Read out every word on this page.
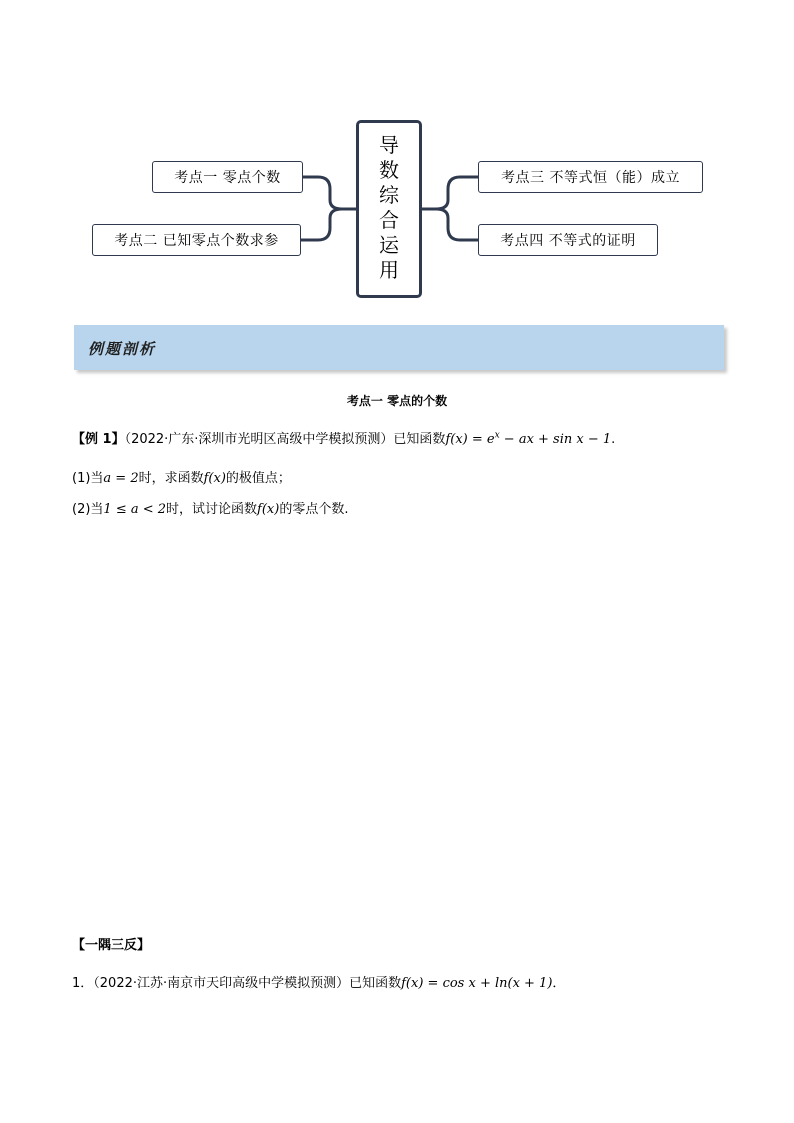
考点一 零点个数
考点二 已知零点个数求参
考点三 不等式恒（能）成立
考点四 不等式的证明
导
数
综
合
运
用
例题剖析
考点一 零点的个数
【例 1】（2022·广东·深圳市光明区高级中学模拟预测）已知函数$f(x) = e^x$ − ax + sin x − 1.
(1)当a = 2时，求函数f(x)的极值点；
(2)当1 ≤ a < 2时，试讨论函数f(x)的零点个数.
【一隅三反】
1．（2022·江苏·南京市天印高级中学模拟预测）已知函数f(x) = cos x + ln(x + 1)．
